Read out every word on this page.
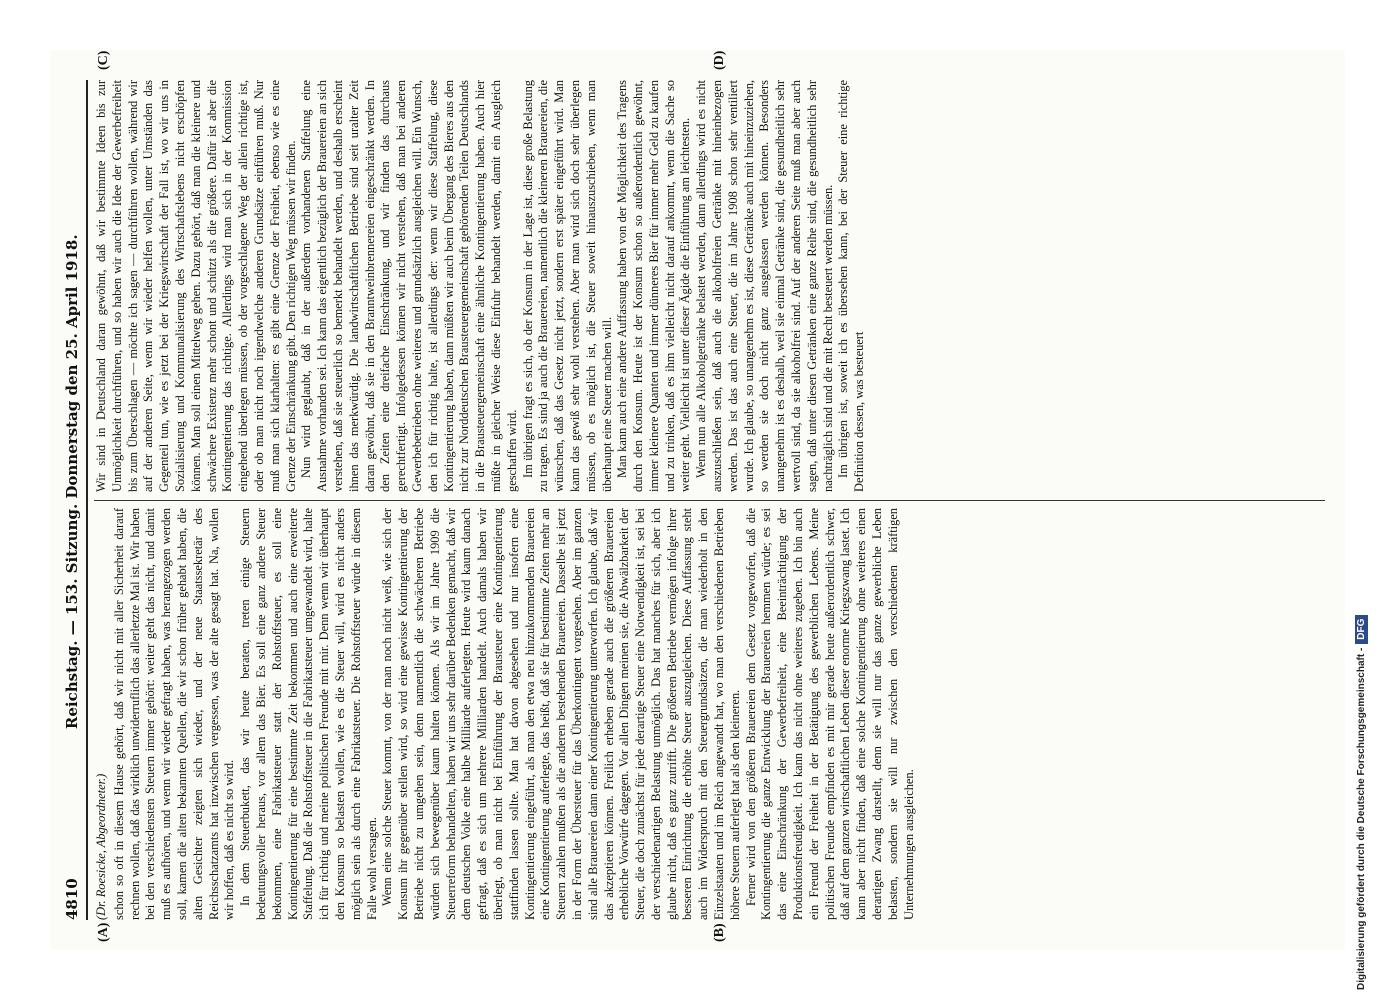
4810
Reichstag. — 153. Sitzung. Donnerstag den 25. April 1918.

(Dr. Roesicke, Abgeordneter.) schon so oft in diesem Hause gehört, daß wir nicht mit aller Sicherheit darauf rechnen wollen, daß das wirklich unwiderruflich das allerletzte Mal ist. Wir haben bei den verschiedensten Steuern immer gehört: weiter geht das nicht, und damit muß es aufhören, und wenn wir wieder gefragt haben, was herangezogen werden soll, kamen die alten bekannten Quellen, die wir schon früher gehabt haben, die alten Gesichter zeigten sich wieder, und der neue Staatssekretär des Reichsschatzamts hat inzwischen vergessen, was der alte gesagt hat. Na, wollen wir hoffen, daß es nicht so wird. In dem Steuerbukett, das wir heute beraten, treten einige Steuern bedeutungsvoller heraus, vor allem das Bier. Es soll eine ganz andere Steuer bekommen, eine Fabrikatsteuer statt der Rohstoffsteuer, es soll eine Kontingentierung für eine bestimmte Zeit bekommen und auch eine erweiterte Staffelung. Daß die Rohstoffsteuer in die Fabrikatsteuer umgewandelt wird, halte ich für richtig und meine politischen Freunde mit mir. Denn wenn wir überhaupt den Konsum so belasten wollen, wie es die Steuer will, wird es nicht anders möglich sein als durch eine Fabrikatsteuer. Die Rohstoffsteuer würde in diesem Falle wohl versagen. Wenn eine solche Steuer kommt, von der man noch nicht weiß, wie sich der Konsum ihr gegenüber stellen wird, so wird eine gewisse Kontingentierung der Betriebe nicht zu umgehen sein, denn namentlich die schwächeren Betriebe würden sich bewegenüber kaum halten können. Als wir im Jahre 1909 die Steuerreform behandelten, haben wir uns sehr darüber Bedenken gemacht, daß wir dem deutschen Volke eine halbe Milliarde auferlegten. Heute wird kaum danach gefragt, daß es sich um mehrere Milliarden handelt. Auch damals haben wir überlegt, ob man nicht bei Einführung der Brausteuer eine Kontingentierung stattfinden lassen sollte. Man hat davon abgesehen und nur insofern eine Kontingentierung eingeführt, als man den etwa neu hinzukommenden Brauereien eine Kontingentierung auferlegte, das heißt, daß sie für bestimmte Zeiten mehr an Steuern zahlen mußten als die anderen bestehenden Brauereien. Dasselbe ist jetzt in der Form der Übersteuer für das Überkontingent vorgesehen. Aber im ganzen sind alle Brauereien dann einer Kontingentierung unterworfen. Ich glaube, daß wir das akzeptieren können. Freilich erheben gerade auch die größeren Brauereien erhebliche Vorwürfe dagegen. Vor allen Dingen meinen sie, die Abwälzbarkeit der Steuer, die doch zunächst für jede derartige Steuer eine Notwendigkeit ist, sei bei der verschiedenartigen Belastung unmöglich. Das hat manches für sich, aber ich glaube nicht, daß es ganz zutrifft. Die größeren Betriebe vermögen infolge ihrer besseren Einrichtung die erhöhte Steuer auszugleichen. Diese Auffassung steht auch im Widerspruch mit den Steuergrundsätzen, die man wiederholt in den Einzelstaaten und im Reich angewandt hat, wo man den verschiedenen Betrieben höhere Steuern auferlegt hat als den kleineren. Ferner wird von den größeren Brauereien dem Gesetz vorgeworfen, daß die Kontingentierung die ganze Entwicklung der Brauereien hemmen würde; es sei das eine Einschränkung der Gewerbefreiheit, eine Beeinträchtigung der Produktionsfreudigkeit. Ich kann das nicht ohne weiteres zugeben. Ich bin auch ein Freund der Freiheit in der Betätigung des gewerblichen Lebens. Meine politischen Freunde empfinden es mit mir gerade heute außerordentlich schwer, daß auf dem ganzen wirtschaftlichen Leben dieser enorme Kriegszwang lastet. Ich kann aber nicht finden, daß eine solche Kontingentierung ohne weiteres einen derartigen Zwang darstellt, denn sie will nur das ganze gewerbliche Leben belasten, sondern sie will nur zwischen den verschiedenen kräftigen Unternehmungen ausgleichen.

Wir sind in Deutschland daran gewöhnt, daß wir bestimmte Ideen bis zur Unmöglichkeit durchführen, und so haben wir auch die Idee der Gewerbefreiheit bis zum Überschlagen — möchte ich sagen — durchführen wollen, während wir auf der anderen Seite, wenn wir wieder helfen wollen, unter Umständen das Gegenteil tun, wie es jetzt bei der Kriegswirtschaft der Fall ist, wo wir uns in Sozialisierung und Kommunalisierung des Wirtschaftslebens nicht erschöpfen können. Man soll einen Mittelweg gehen. Dazu gehört, daß man die kleinere und schwächere Existenz mehr schont und schützt als die größere. Dafür ist aber die Kontingentierung das richtige. Allerdings wird man sich in der Kommission eingehend überlegen müssen, ob der vorgeschlagene Weg der allein richtige ist, oder ob man nicht noch irgendwelche anderen Grundsätze einführen muß. Nur muß man sich klarhalten: es gibt eine Grenze der Freiheit, ebenso wie es eine Grenze der Einschränkung gibt. Den richtigen Weg müssen wir finden. Nun wird geglaubt, daß in der außerdem vorhandenen Staffelung eine Ausnahme vorhanden sei. Ich kann das eigentlich bezüglich der Brauereien an sich verstehen, daß sie steuerlich so bemerkt behandelt werden, und deshalb erscheint ihnen das merkwürdig. Die landwirtschaftlichen Betriebe sind seit uralter Zeit daran gewöhnt, daß sie in den Branntweinbrennereien eingeschränkt werden. In den Zeiten eine dreifache Einschränkung, und wir finden das durchaus gerechtfertigt. Infolgedessen können wir nicht verstehen, daß man bei anderen Gewerbebetrieben ohne weiteres und grundsätzlich ausgleichen will. Ein Wunsch, den ich für richtig halte, ist allerdings der: wenn wir diese Staffelung, diese Kontingentierung haben, dann müßten wir auch beim Übergang des Bieres aus den nicht zur Norddeutschen Brausteuergemeinschaft gehörenden Teilen Deutschlands in die Brausteuergemeinschaft eine ähnliche Kontingentierung haben. Auch hier müßte in gleicher Weise diese Einfuhr behandelt werden, damit ein Ausgleich geschaffen wird. Im übrigen fragt es sich, ob der Konsum in der Lage ist, diese große Belastung zu tragen. Es sind ja auch die Brauereien, namentlich die kleineren Brauereien, die wünschen, daß das Gesetz nicht jetzt, sondern erst später eingeführt wird. Man kann das gewiß sehr wohl verstehen. Aber man wird sich doch sehr überlegen müssen, ob es möglich ist, die Steuer soweit hinauszuschieben, wenn man überhaupt eine Steuer machen will. Man kann auch eine andere Auffassung haben von der Möglichkeit des Tragens durch den Konsum. Heute ist der Konsum schon so außerordentlich gewöhnt, immer kleinere Quanten und immer dünneres Bier für immer mehr Geld zu kaufen und zu trinken, daß es ihm vielleicht nicht darauf ankommt, wenn die Sache so weiter geht. Vielleicht ist unter dieser Ägide die Einführung am leichtesten. Wenn nun alle Alkoholgetränke belastet werden, dann allerdings wird es nicht auszuschließen sein, daß auch die alkoholfreien Getränke mit hineinbezogen werden. Das ist das auch eine Steuer, die im Jahre 1908 schon sehr ventiliert wurde. Ich glaube, so unangenehm es ist, diese Getränke auch mit hineinzuziehen, so werden sie doch nicht ganz ausgelassen werden können. Besonders unangenehm ist es deshalb, weil sie einmal Getränke sind, die gesundheitlich sehr wertvoll sind, da sie alkoholfrei sind. Auf der anderen Seite muß man aber auch sagen, daß unter diesen Getränken eine ganze Reihe sind, die gesundheitlich sehr nachträglich sind und die mit Recht besteuert werden müssen. Im übrigen ist, soweit ich es übersehen kann, bei der Steuer eine richtige Definition dessen, was besteuert

(A)	(B)
(C)	(D)
Digitalisierung gefördert durch die Deutsche Forschungsgemeinschaft -
DFG
